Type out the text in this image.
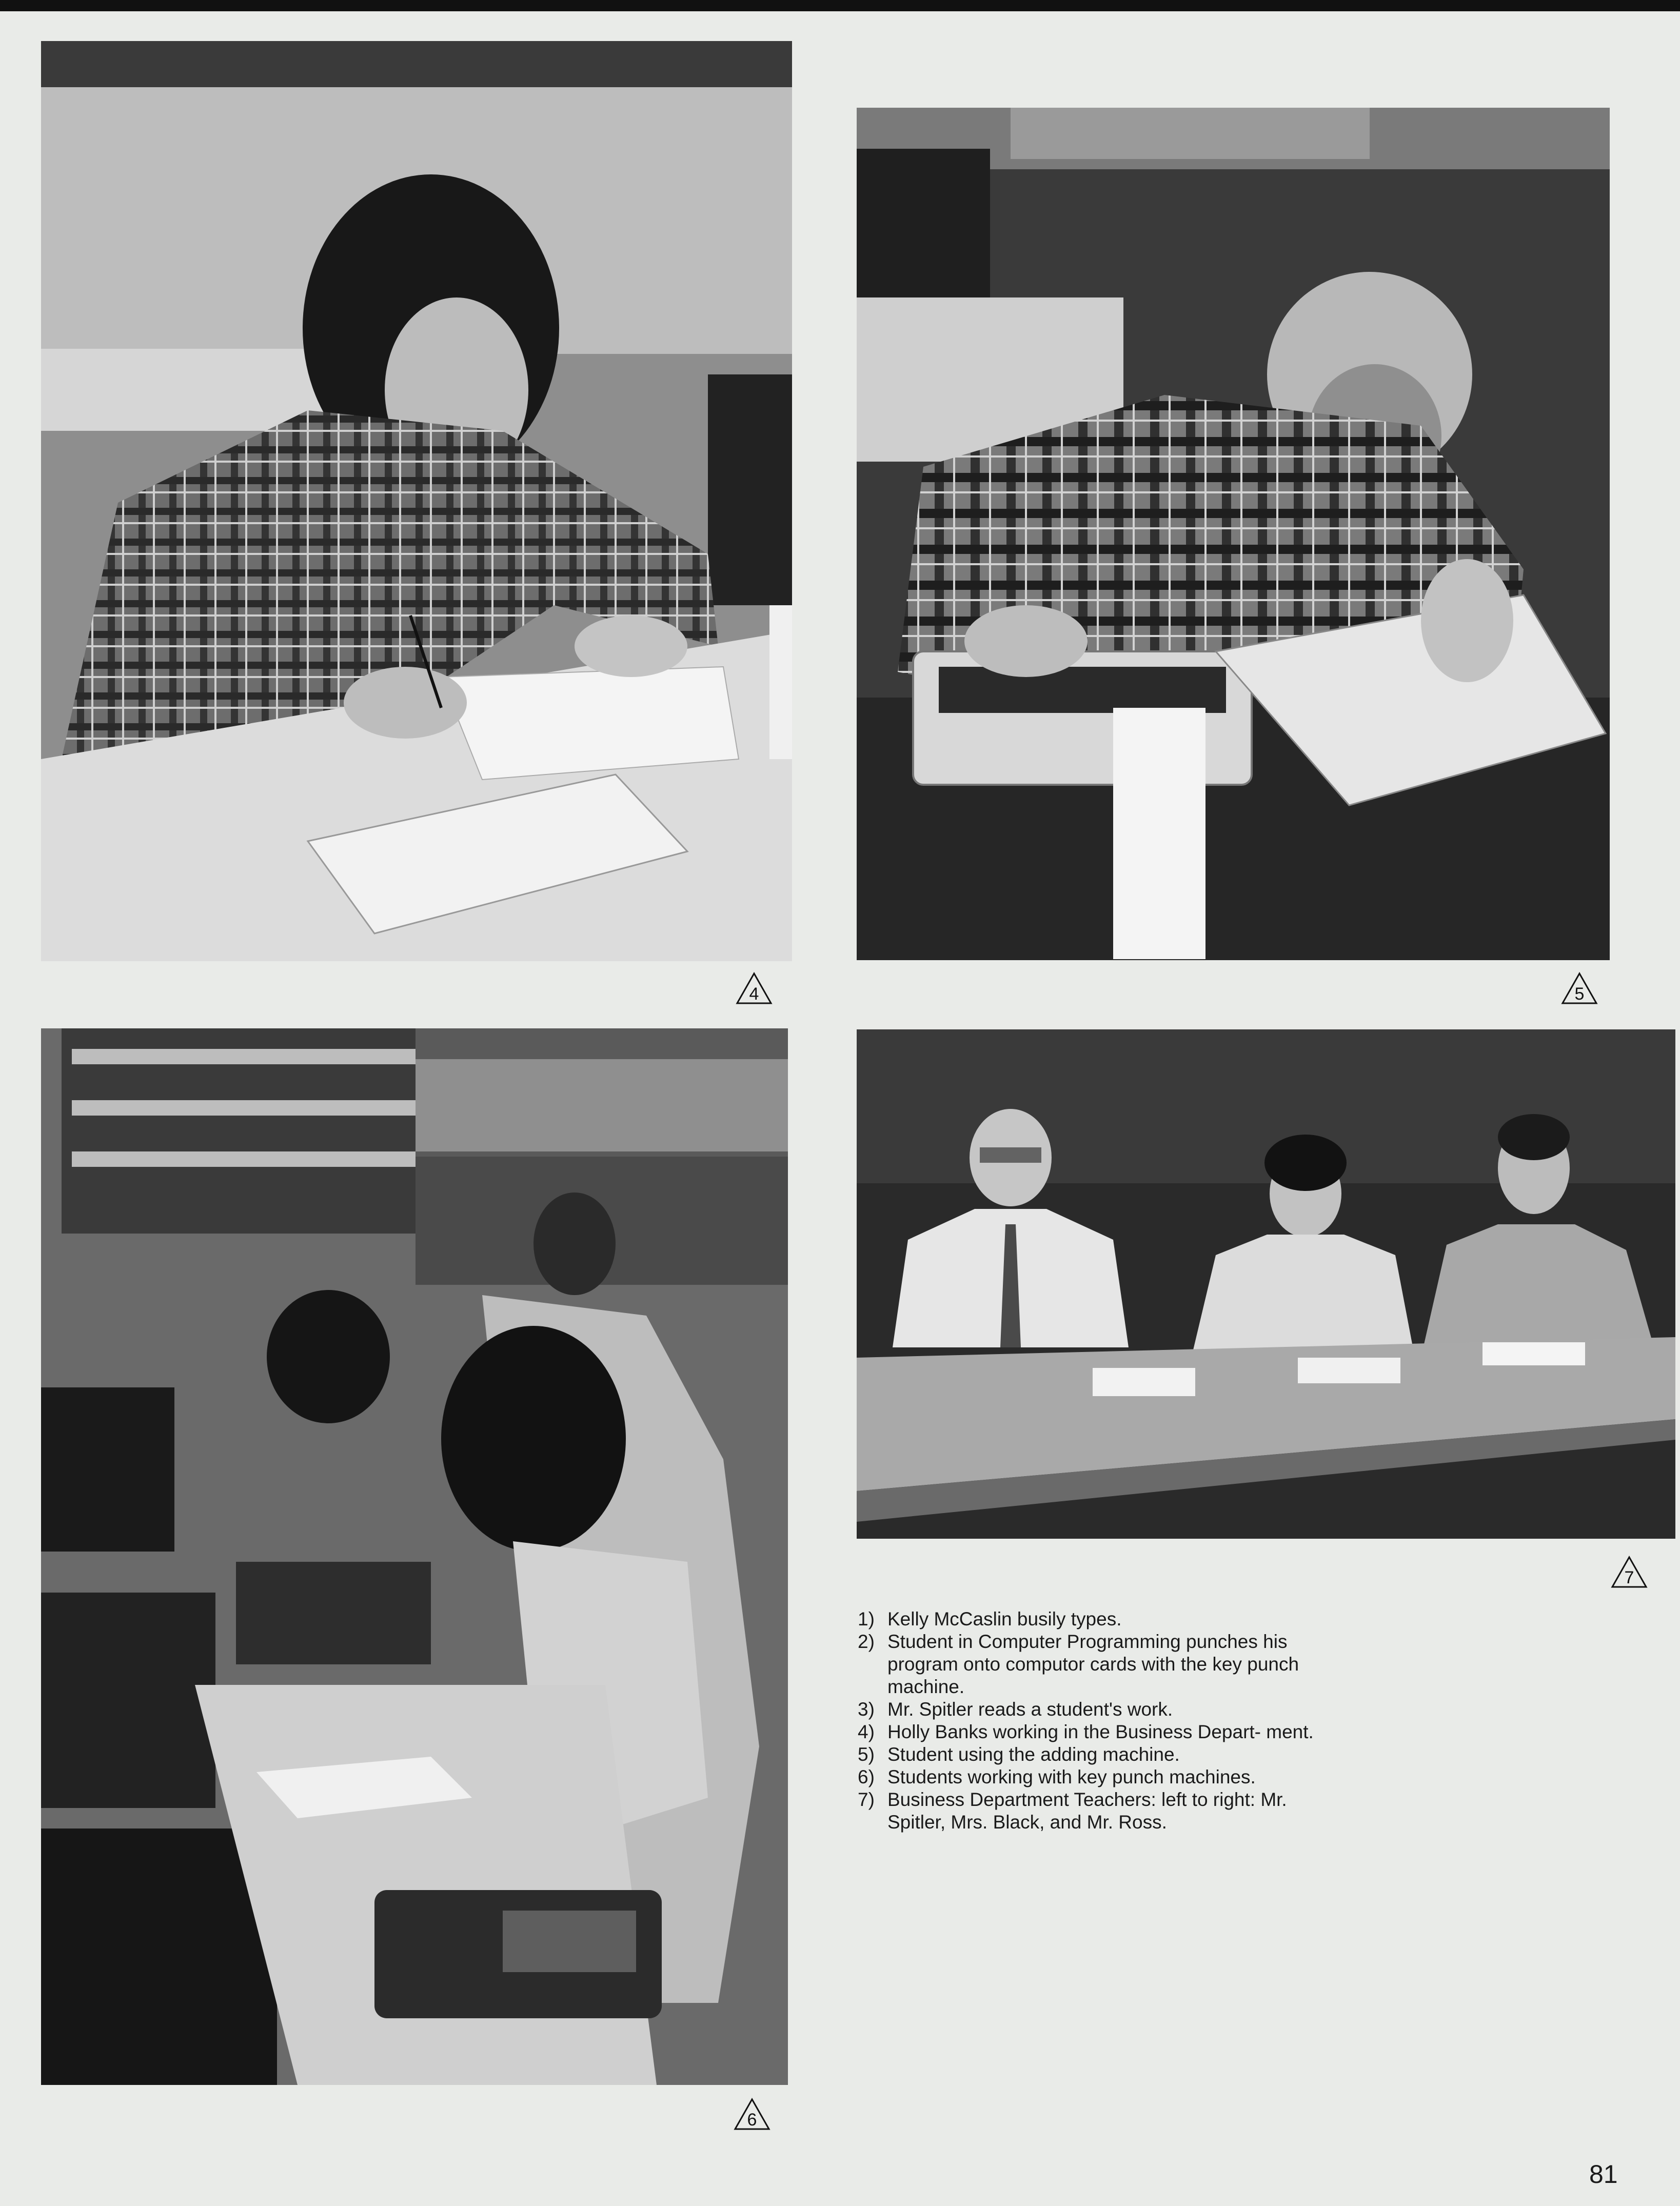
4	5
6
7
1) Kelly McCaslin busily types.
2) Student in Computer Programming punches his program onto computor cards with the key punch machine.
3) Mr. Spitler reads a student's work.
4) Holly Banks working in the Business Depart- ment.
5) Student using the adding machine.
6) Students working with key punch machines.
7) Business Department Teachers: left to right: Mr. Spitler, Mrs. Black, and Mr. Ross.
81
